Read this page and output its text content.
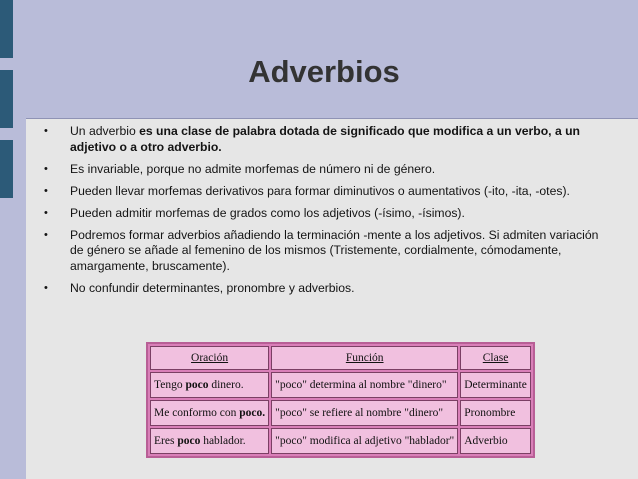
Adverbios
• Un adverbio es una clase de palabra dotada de significado que modifica a un verbo, a un adjetivo o a otro adverbio.
• Es invariable, porque no admite morfemas de número ni de género.
• Pueden llevar morfemas derivativos para formar diminutivos o aumentativos (-ito, -ita, -otes).
• Pueden admitir morfemas de grados como los adjetivos (-ísimo, -ísimos).
• Podremos formar adverbios añadiendo la terminación -mente a los adjetivos. Si admiten variación de género se añade al femenino de los mismos (Tristemente, cordialmente, cómodamente, amargamente, bruscamente).
• No confundir determinantes, pronombre y adverbios.
Oración	Función	Clase
Tengo poco dinero.	"poco" determina al nombre "dinero"	Determinante
Me conformo con poco.	"poco" se refiere al nombre "dinero"	Pronombre
Eres poco hablador.	"poco" modifica al adjetivo "hablador"	Adverbio
